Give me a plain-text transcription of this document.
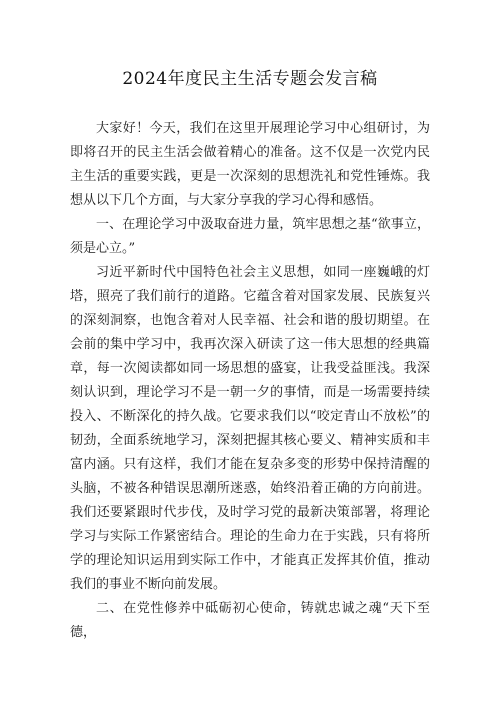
2024年度民主生活专题会发言稿

大家好！今天，我们在这里开展理论学习中心组研讨，为即将召开的民主生活会做着精心的准备。这不仅是一次党内民主生活的重要实践，更是一次深刻的思想洗礼和党性锤炼。我想从以下几个方面，与大家分享我的学习心得和感悟。

一、在理论学习中汲取奋进力量，筑牢思想之基“欲事立，须是心立。”

习近平新时代中国特色社会主义思想，如同一座巍峨的灯塔，照亮了我们前行的道路。它蕴含着对国家发展、民族复兴的深刻洞察，也饱含着对人民幸福、社会和谐的殷切期望。在会前的集中学习中，我再次深入研读了这一伟大思想的经典篇章，每一次阅读都如同一场思想的盛宴，让我受益匪浅。我深刻认识到，理论学习不是一朝一夕的事情，而是一场需要持续投入、不断深化的持久战。它要求我们以“咬定青山不放松”的韧劲，全面系统地学习，深刻把握其核心要义、精神实质和丰富内涵。只有这样，我们才能在复杂多变的形势中保持清醒的头脑，不被各种错误思潮所迷惑，始终沿着正确的方向前进。我们还要紧跟时代步伐，及时学习党的最新决策部署，将理论学习与实际工作紧密结合。理论的生命力在于实践，只有将所学的理论知识运用到实际工作中，才能真正发挥其价值，推动我们的事业不断向前发展。

二、在党性修养中砥砺初心使命，铸就忠诚之魂“天下至德，
